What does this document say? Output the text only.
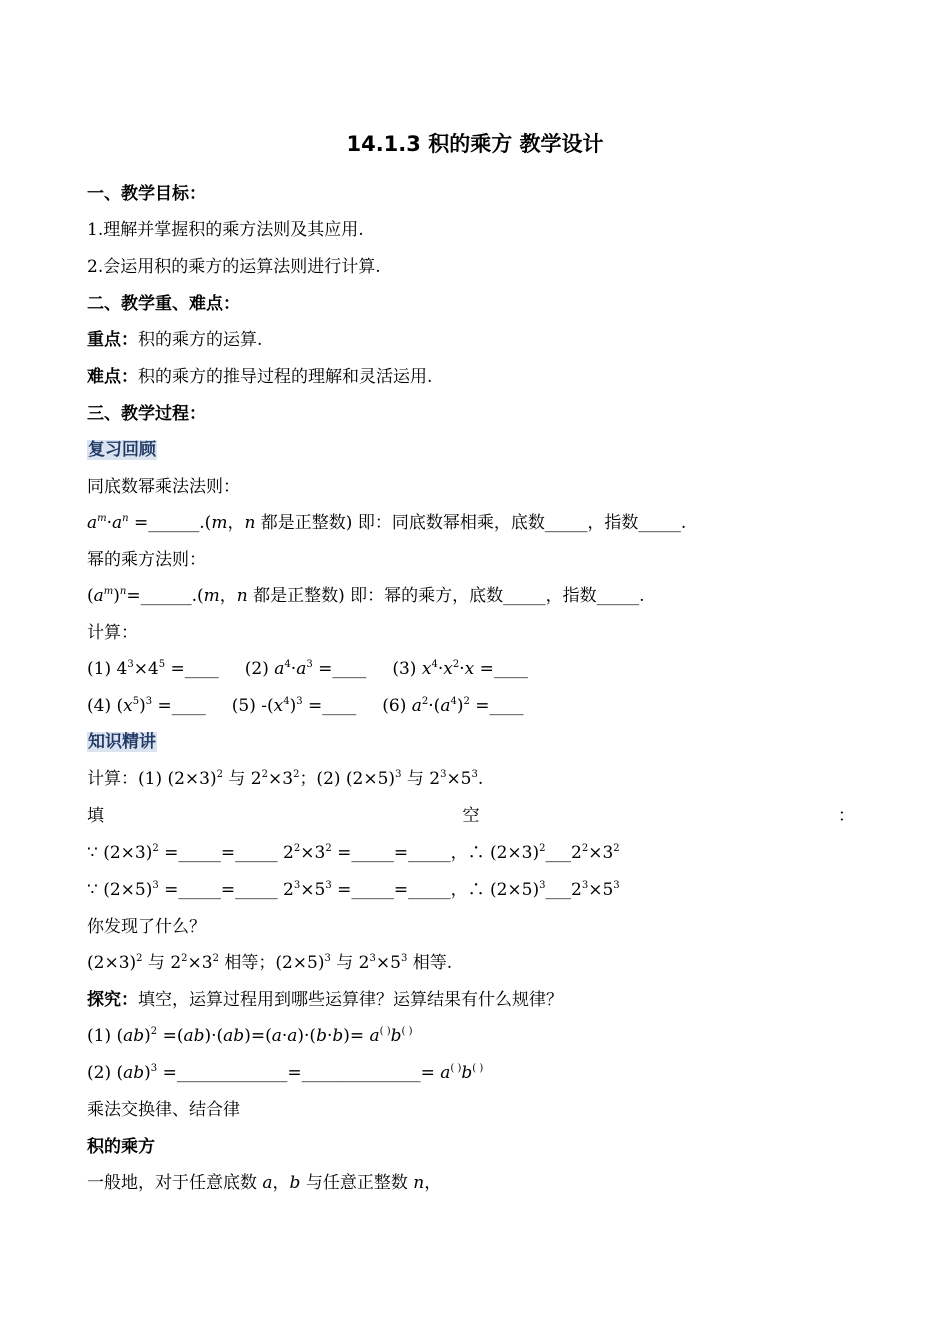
14.1.3 积的乘方 教学设计
一、教学目标：
1.理解并掌握积的乘方法则及其应用.
2.会运用积的乘方的运算法则进行计算.
二、教学重、难点：
重点：积的乘方的运算.
难点：积的乘方的推导过程的理解和灵活运用.
三、教学过程：
复习回顾
同底数幂乘法法则：
$a^m\cdot a^n$ =______.(m，n 都是正整数) 即：同底数幂相乘，底数_____，指数_____.
幂的乘方法则：
$(a^m)^n=\_\_\_\_\_\_.(m$，n 都是正整数) 即：幂的乘方，底数_____，指数_____.
计算：
(1) $4^3\times 4^5$ =____ (2) $a^4\cdot a^3$ =____ (3) $x^4\cdot x^2\cdot x$ =____
(4) $(x^5)^3$ =____ (5) $-(x^4)^3$ =____ (6) $a^2\cdot(a^4)^2$ =____
知识精讲
计算：(1) $(2\times 3)^2$ 与 $2^2\times 3^2$；(2) $(2\times 5)^3$ 与 $2^3\times 5^3$.
填	空	：
∵ $(2\times 3)^2$ =_____=_____ $2^2\times 3^2$ =_____=_____，∴ $(2\times 3)^2\_\_\_2^2\times 3^2$
∵ $(2\times 5)^3$ =_____=_____ $2^3\times 5^3$ =_____=_____，∴ $(2\times 5)^3\_\_\_2^3\times 5^3$
你发现了什么？
$(2\times 3)^2$ 与 $2^2\times 3^2$ 相等；$(2\times 5)^3$ 与 $2^3\times 5^3$ 相等.
探究：填空，运算过程用到哪些运算律？运算结果有什么规律？
(1) (ab)$^2$ =(ab)·(ab)=(a·a)·(b·b)= a( )b( )
(2) (ab)$^3$ =_____________=______________= a( )b( )
乘法交换律、结合律
积的乘方
一般地，对于任意底数 a，b 与任意正整数 n，
